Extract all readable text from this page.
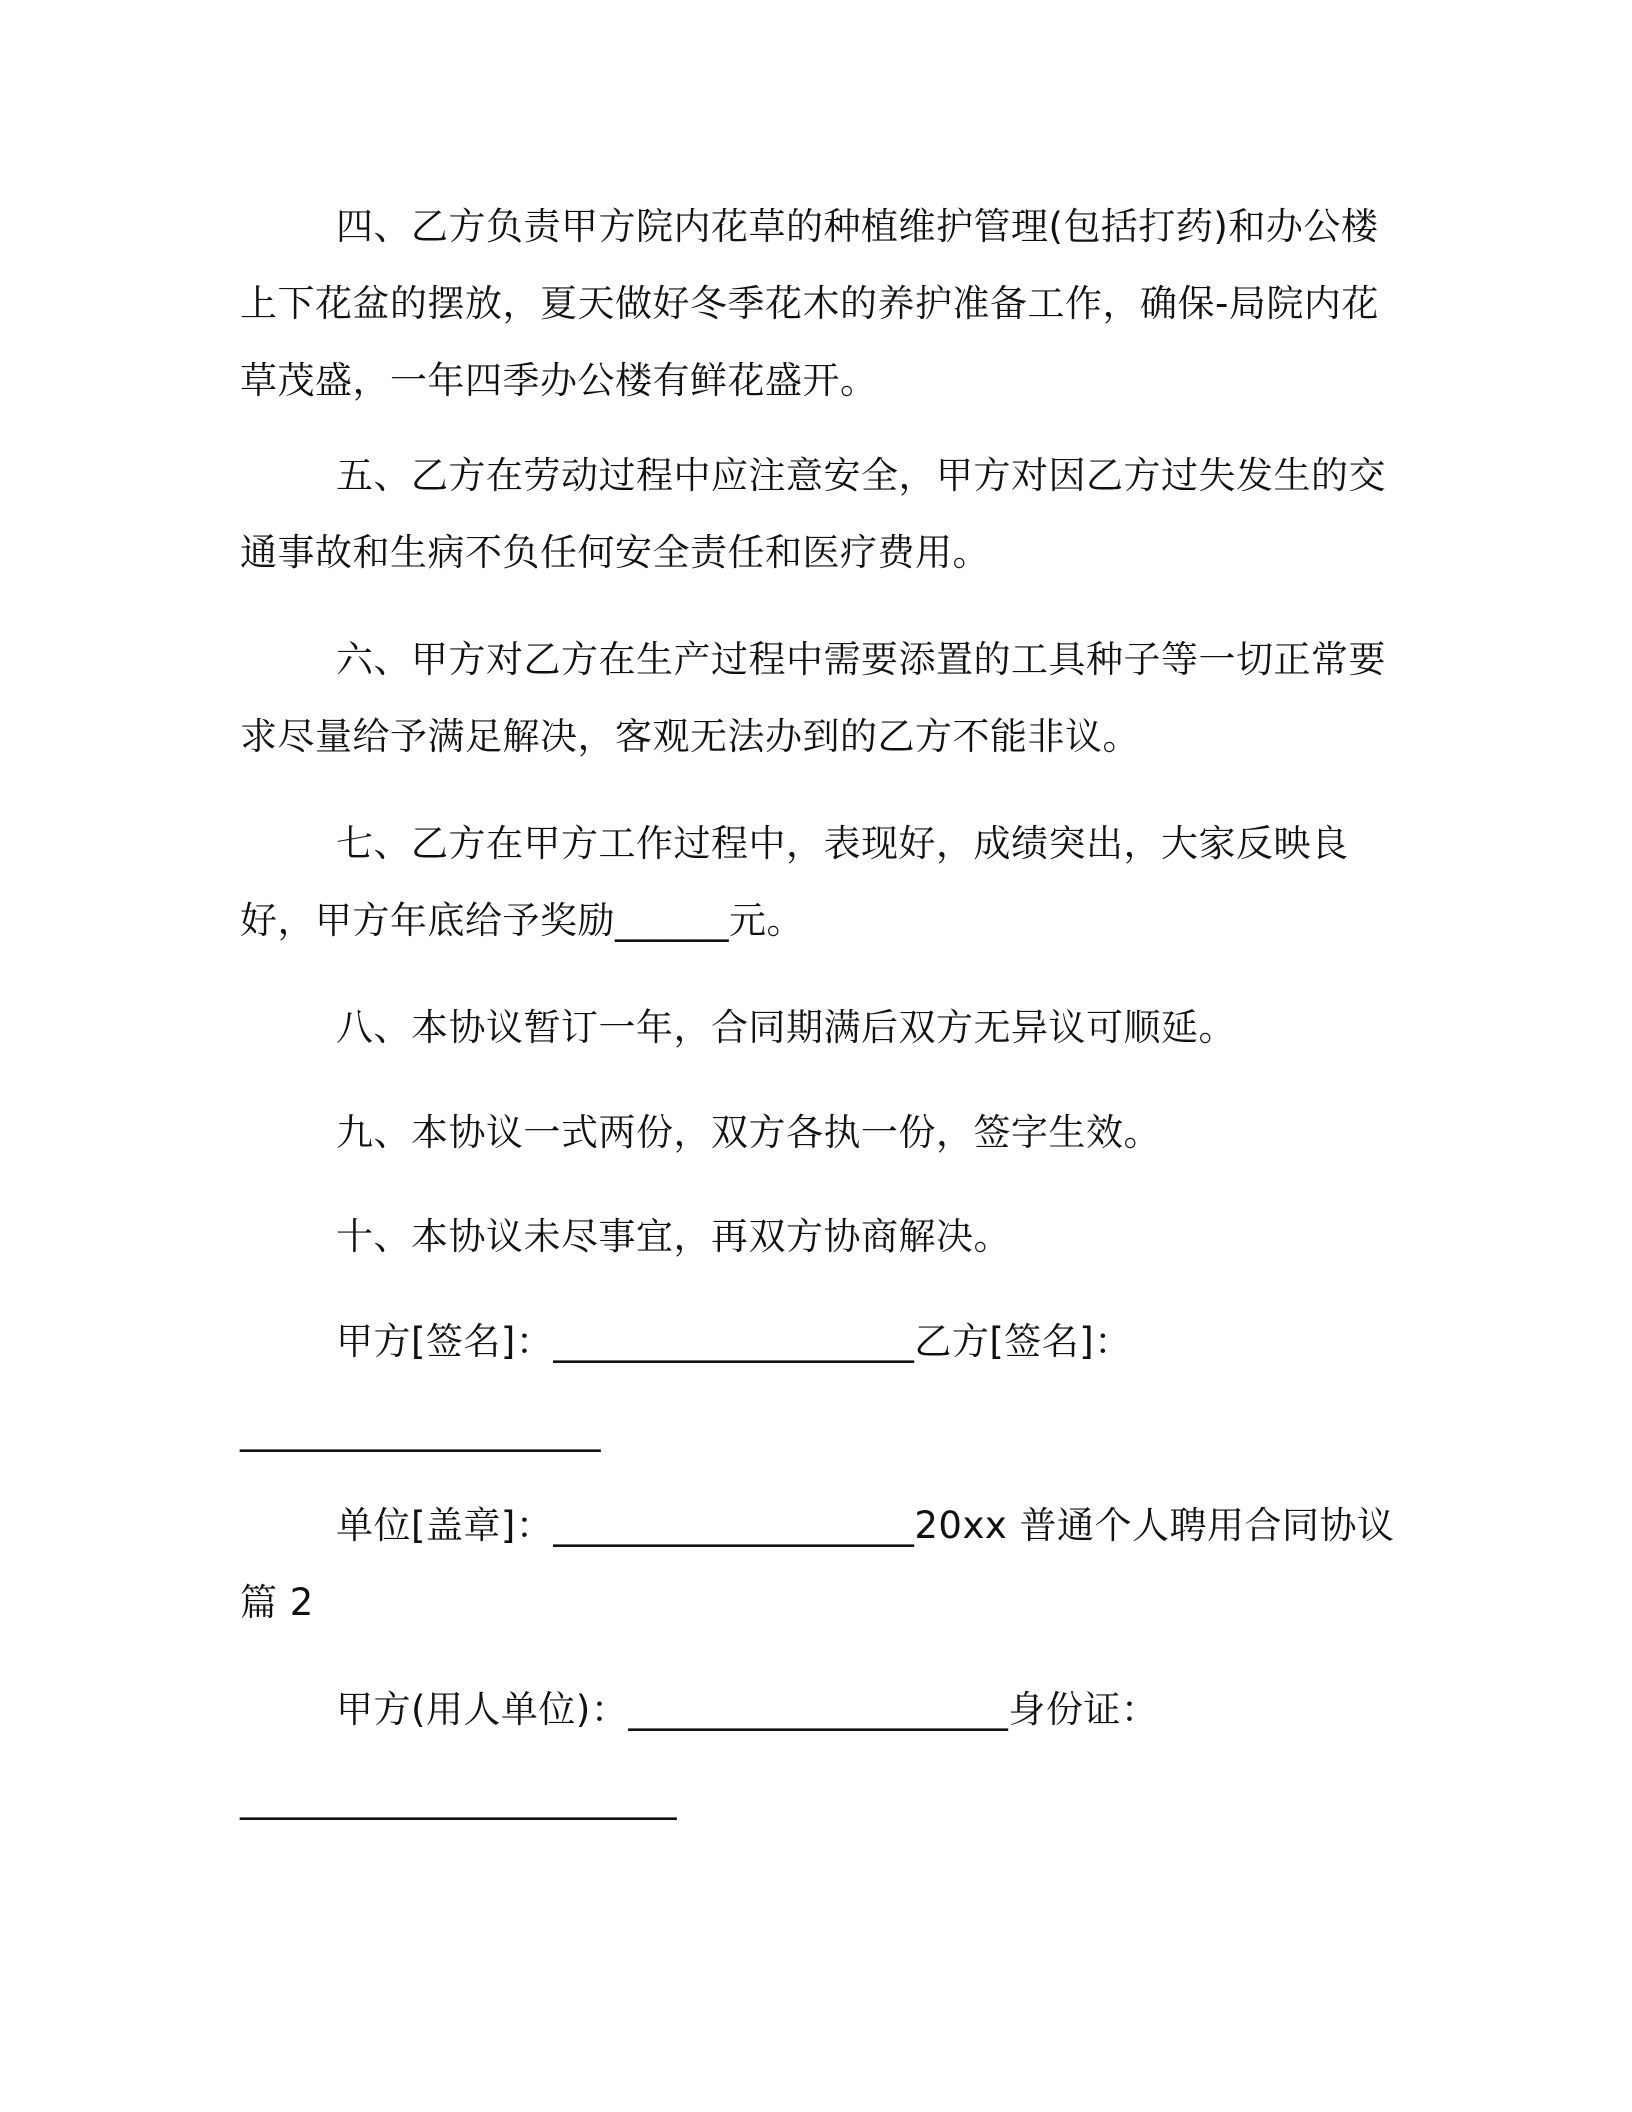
四、乙方负责甲方院内花草的种植维护管理(包括打药)和办公楼上下花盆的摆放，夏天做好冬季花木的养护准备工作，确保-局院内花草茂盛，一年四季办公楼有鲜花盛开。

五、乙方在劳动过程中应注意安全，甲方对因乙方过失发生的交通事故和生病不负任何安全责任和医疗费用。

六、甲方对乙方在生产过程中需要添置的工具种子等一切正常要求尽量给予满足解决，客观无法办到的乙方不能非议。

七、乙方在甲方工作过程中，表现好，成绩突出，大家反映良好，甲方年底给予奖励______元。

八、本协议暂订一年，合同期满后双方无异议可顺延。

九、本协议一式两份，双方各执一份，签字生效。

十、本协议未尽事宜，再双方协商解决。

甲方[签名]：___________________乙方[签名]：

___________________

单位[盖章]：___________________20xx 普通个人聘用合同协议篇 2

甲方(用人单位)：____________________身份证：

_______________________
